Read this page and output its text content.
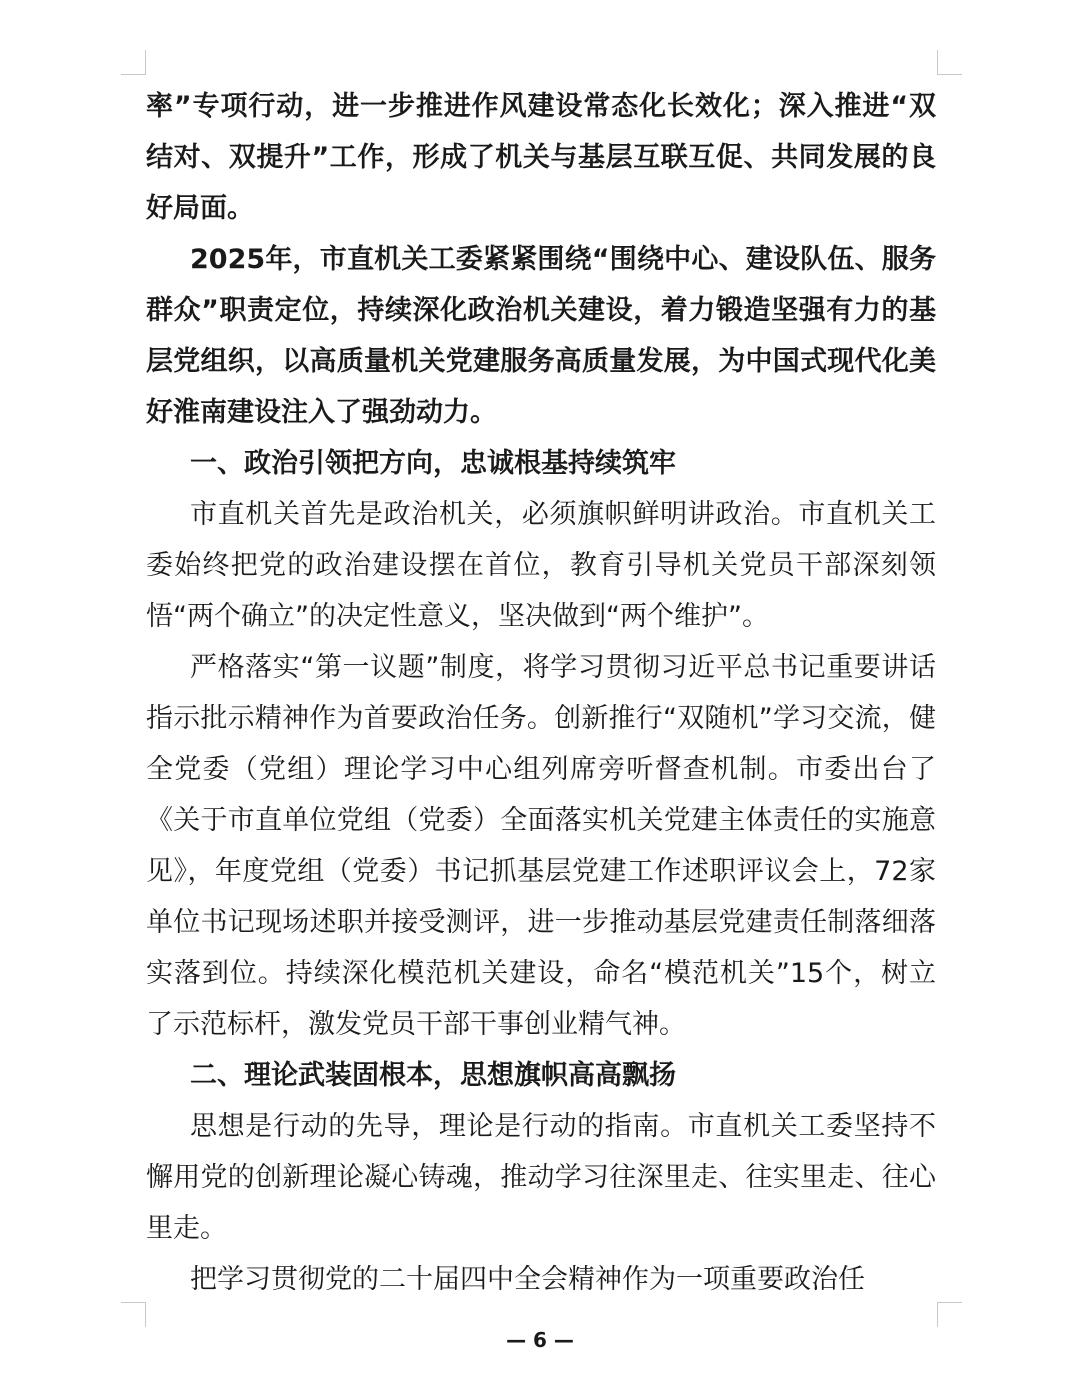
率”专项行动，进一步推进作风建设常态化长效化；深入推进“双结对、双提升”工作，形成了机关与基层互联互促、共同发展的良好局面。

2025年，市直机关工委紧紧围绕“围绕中心、建设队伍、服务群众”职责定位，持续深化政治机关建设，着力锻造坚强有力的基层党组织，以高质量机关党建服务高质量发展，为中国式现代化美好淮南建设注入了强劲动力。

一、政治引领把方向，忠诚根基持续筑牢

市直机关首先是政治机关，必须旗帜鲜明讲政治。市直机关工委始终把党的政治建设摆在首位，教育引导机关党员干部深刻领悟“两个确立”的决定性意义，坚决做到“两个维护”。

严格落实“第一议题”制度，将学习贯彻习近平总书记重要讲话指示批示精神作为首要政治任务。创新推行“双随机”学习交流，健全党委（党组）理论学习中心组列席旁听督查机制。市委出台了《关于市直单位党组（党委）全面落实机关党建主体责任的实施意见》，年度党组（党委）书记抓基层党建工作述职评议会上，72家单位书记现场述职并接受测评，进一步推动基层党建责任制落细落实落到位。持续深化模范机关建设，命名“模范机关”15个，树立了示范标杆，激发党员干部干事创业精气神。

二、理论武装固根本，思想旗帜高高飘扬

思想是行动的先导，理论是行动的指南。市直机关工委坚持不懈用党的创新理论凝心铸魂，推动学习往深里走、往实里走、往心里走。

把学习贯彻党的二十届四中全会精神作为一项重要政治任

— 6 —
